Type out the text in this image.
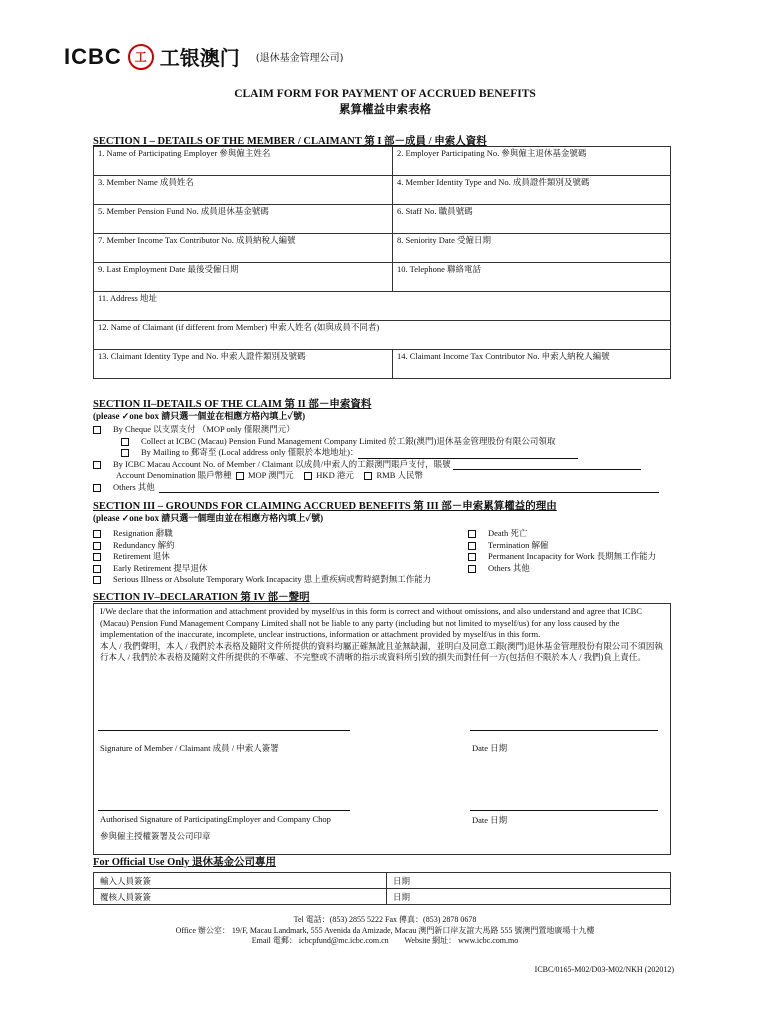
ICBC	工 工银澳门 (退休基金管理公司)
CLAIM FORM FOR PAYMENT OF ACCRUED BENEFITS
累算權益申索表格
SECTION I – DETAILS OF THE MEMBER / CLAIMANT 第 I 部－成員 / 申索人資料
1. Name of Participating Employer 參與僱主姓名	2. Employer Participating No. 參與僱主退休基金號碼
3. Member Name 成員姓名	4. Member Identity Type and No. 成員證件類別及號碼
5. Member Pension Fund No. 成員退休基金號碼	6. Staff No. 職員號碼
7. Member Income Tax Contributor No. 成員納稅人編號	8. Seniority Date 受僱日期
9. Last Employment Date 最後受僱日期	10. Telephone 聯絡電話
11. Address 地址	
12. Name of Claimant (if different from Member) 申索人姓名 (如與成員不同者)	
13. Claimant Identity Type and No. 申索人證件類別及號碼	14. Claimant Income Tax Contributor No. 申索人納稅人編號
SECTION II–DETAILS OF THE CLAIM 第 II 部－申索資料
(please ✓one box 請只選一個並在相應方格內填上✓號)
By Cheque 以支票支付 （MOP only 僅限澳門元）
Collect at ICBC (Macau) Pension Fund Management Company Limited 於工銀(澳門)退休基金管理股份有限公司領取
By Mailing to 郵寄至 (Local address only 僅限於本地地址)：
By ICBC Macau Account No. of Member / Claimant 以成員/申索人的工銀澳門賬戶支付，賬號
Account Denomination 賬戶幣種 MOP 澳門元	HKD 港元	RMB 人民幣
Others 其他
SECTION III – GROUNDS FOR CLAIMING ACCRUED BENEFITS 第 III 部－申索累算權益的理由
(please ✓one box 請只選一個理由並在相應方格內填上✓號)
Resignation 辭職
Redundancy 解約
Retirement 退休
Early Retirement 提早退休
Serious Illness or Absolute Temporary Work Incapacity 患上重疾病或暫時絕對無工作能力
Death 死亡
Termination 解僱
Permanent Incapacity for Work 長期無工作能力
Others 其他
SECTION IV–DECLARATION 第 IV 部－聲明
I/We declare that the information and attachment provided by myself/us in this form is correct and without omissions, and also understand and agree that ICBC (Macau) Pension Fund Management Company Limited shall not be liable to any party (including but not limited to myself/us) for any loss caused by the implementation of the inaccurate, incomplete, unclear instructions, information or attachment provided by myself/us in this form.
本人 / 我們聲明，本人 / 我們於本表格及隨附文件所提供的資料均屬正確無訛且並無缺漏，並明白及同意工銀(澳門)退休基金管理股份有限公司不須因執行本人 / 我們於本表格及隨附文件所提供的不準確、不完整或不清晰的指示或資料所引致的損失而對任何一方(包括但不限於本人 / 我們)負上責任。
Signature of Member / Claimant 成員 / 申索人簽署	Date 日期
Authorised Signature of ParticipatingEmployer and Company Chop	Date 日期
參與僱主授權簽署及公司印章
For Official Use Only 退休基金公司專用
輸入人員簽簽	日期
覆核人員簽簽	日期
Tel 電話：(853) 2855 5222 Fax 傳真：(853) 2878 0678
Office 辦公室： 19/F, Macau Landmark, 555 Avenida da Amizade, Macau 澳門新口岸友誼大馬路 555 號澳門置地廣場十九樓
Email 電郵： icbcpfund@mc.icbc.com.cn Website 網址： www.icbc.com.mo
ICBC/0165-M02/D03-M02/NKH (202012)
